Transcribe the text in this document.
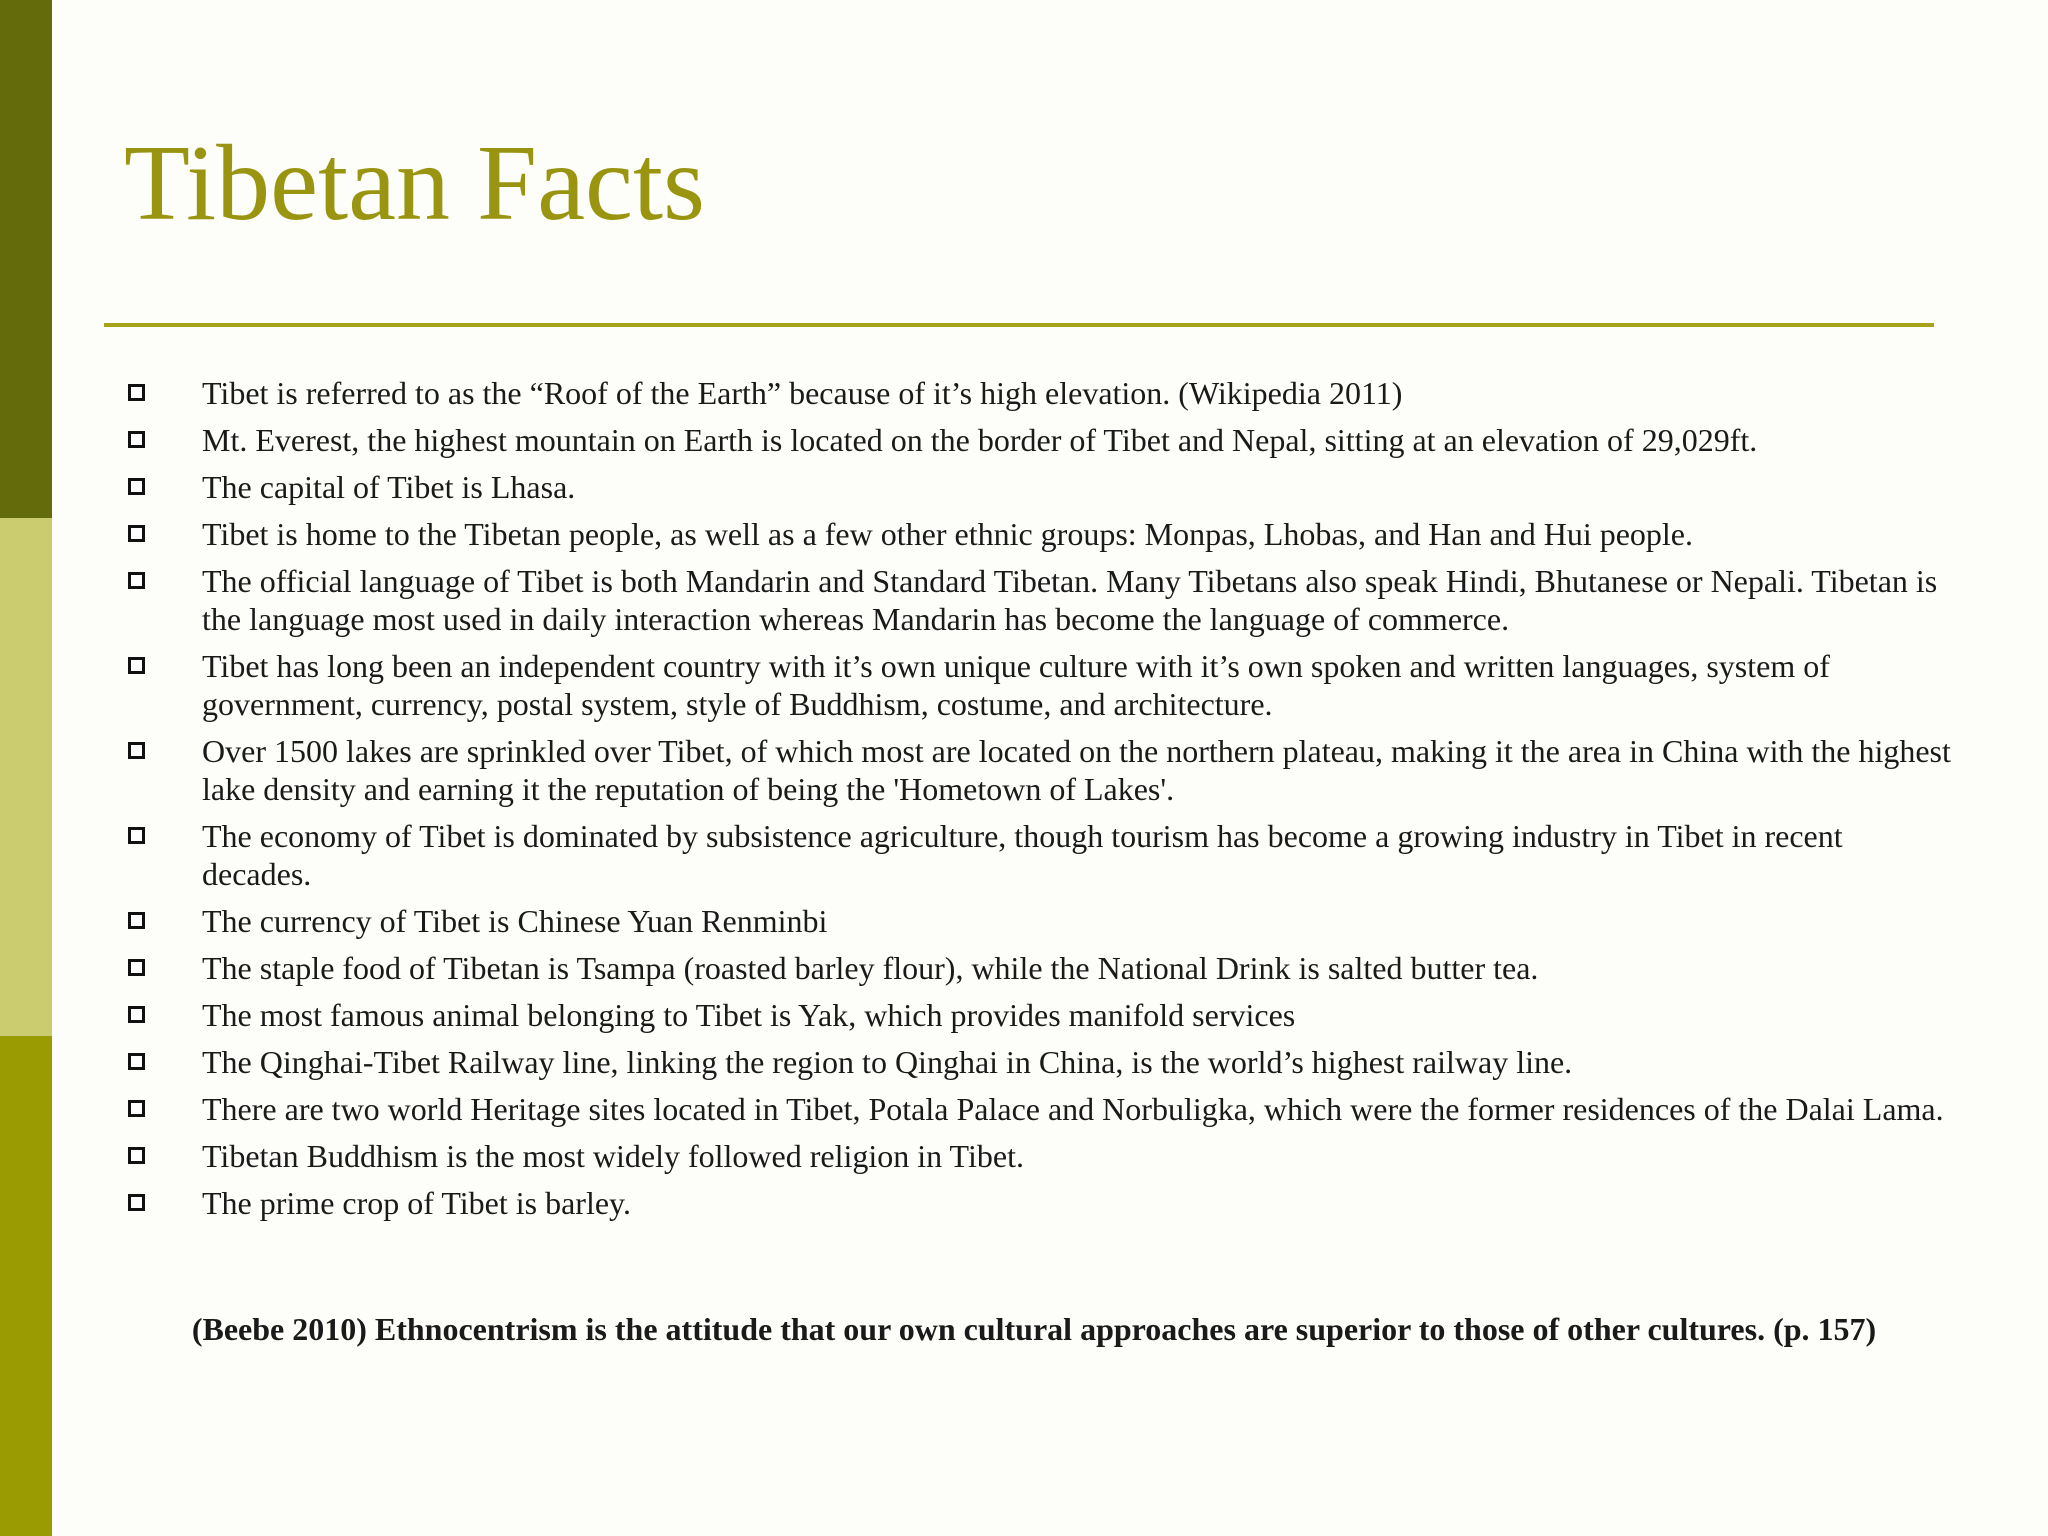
Tibetan Facts
Tibet is referred to as the “Roof of the Earth” because of it’s high elevation. (Wikipedia 2011)
Mt. Everest, the highest mountain on Earth is located on the border of Tibet and Nepal, sitting at an elevation of 29,029ft.
The capital of Tibet is Lhasa.
Tibet is home to the Tibetan people, as well as a few other ethnic groups: Monpas, Lhobas, and Han and Hui people.
The official language of Tibet is both Mandarin and Standard Tibetan. Many Tibetans also speak Hindi, Bhutanese or Nepali. Tibetan is the language most used in daily interaction whereas Mandarin has become the language of commerce.
Tibet has long been an independent country with it’s own unique culture with it’s own spoken and written languages, system of government, currency, postal system, style of Buddhism, costume, and architecture.
Over 1500 lakes are sprinkled over Tibet, of which most are located on the northern plateau, making it the area in China with the highest lake density and earning it the reputation of being the 'Hometown of Lakes'.
The economy of Tibet is dominated by subsistence agriculture, though tourism has become a growing industry in Tibet in recent decades.
The currency of Tibet is Chinese Yuan Renminbi
The staple food of Tibetan is Tsampa (roasted barley flour), while the National Drink is salted butter tea.
The most famous animal belonging to Tibet is Yak, which provides manifold services
The Qinghai-Tibet Railway line, linking the region to Qinghai in China, is the world’s highest railway line.
There are two world Heritage sites located in Tibet, Potala Palace and Norbuligka, which were the former residences of the Dalai Lama.
Tibetan Buddhism is the most widely followed religion in Tibet.
The prime crop of Tibet is barley.
(Beebe 2010) Ethnocentrism is the attitude that our own cultural approaches are superior to those of other cultures. (p. 157)
